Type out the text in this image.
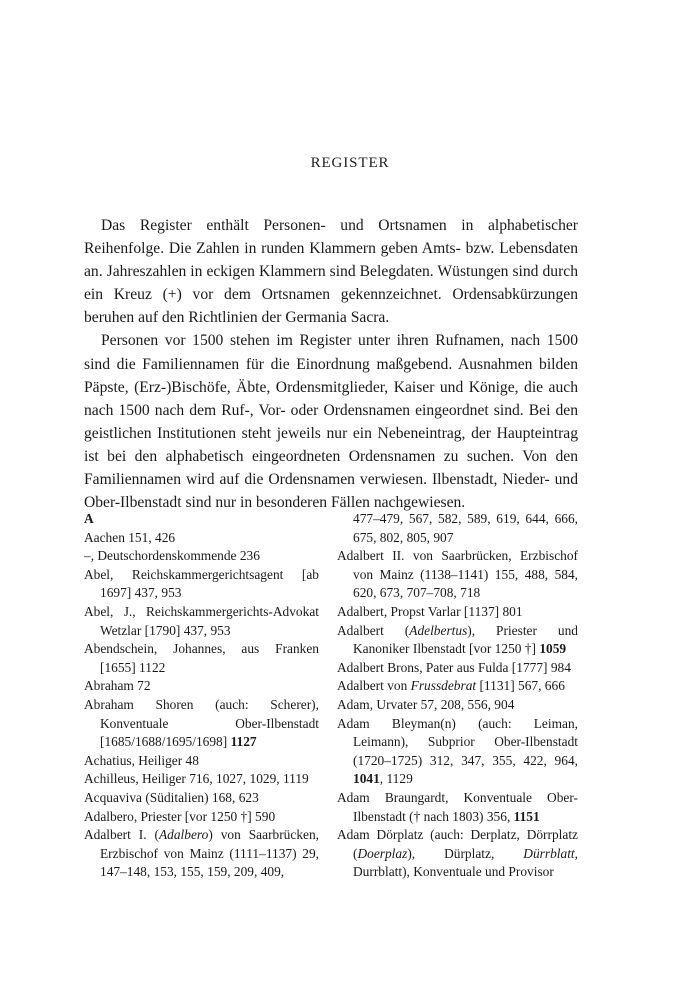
REGISTER

Das Register enthält Personen- und Ortsnamen in alphabetischer Reihenfolge. Die Zahlen in runden Klammern geben Amts- bzw. Lebensdaten an. Jahreszahlen in eckigen Klammern sind Belegdaten. Wüstungen sind durch ein Kreuz (+) vor dem Ortsnamen gekennzeichnet. Ordensabkürzungen beruhen auf den Richtlinien der Germania Sacra.

Personen vor 1500 stehen im Register unter ihren Rufnamen, nach 1500 sind die Familiennamen für die Einordnung maßgebend. Ausnahmen bilden Päpste, (Erz-)Bischöfe, Äbte, Ordensmitglieder, Kaiser und Könige, die auch nach 1500 nach dem Ruf-, Vor- oder Ordensnamen eingeordnet sind. Bei den geistlichen Institutionen steht jeweils nur ein Nebeneintrag, der Haupteintrag ist bei den alphabetisch eingeordneten Ordensnamen zu suchen. Von den Familiennamen wird auf die Ordensnamen verwiesen. Ilbenstadt, Nieder- und Ober-Ilbenstadt sind nur in besonderen Fällen nachgewiesen.

A

Aachen 151, 426

–, Deutschordenskommende 236

Abel, Reichskammergerichtsagent [ab 1697] 437, 953

Abel, J., Reichskammergerichts-Advokat Wetzlar [1790] 437, 953

Abendschein, Johannes, aus Franken [1655] 1122

Abraham 72

Abraham Shoren (auch: Scherer), Konventuale Ober-Ilbenstadt [1685/1688/1695/1698] 1127

Achatius, Heiliger 48

Achilleus, Heiliger 716, 1027, 1029, 1119

Acquaviva (Süditalien) 168, 623

Adalbero, Priester [vor 1250 †] 590

Adalbert I. (Adalbero) von Saarbrücken, Erzbischof von Mainz (1111–1137) 29, 147–148, 153, 155, 159, 209, 409,

477–479, 567, 582, 589, 619, 644, 666, 675, 802, 805, 907

Adalbert II. von Saarbrücken, Erzbischof von Mainz (1138–1141) 155, 488, 584, 620, 673, 707–708, 718

Adalbert, Propst Varlar [1137] 801

Adalbert (Adelbertus), Priester und Kanoniker Ilbenstadt [vor 1250 †] 1059

Adalbert Brons, Pater aus Fulda [1777] 984

Adalbert von Frussdebrat [1131] 567, 666

Adam, Urvater 57, 208, 556, 904

Adam Bleyman(n) (auch: Leiman, Leimann), Subprior Ober-Ilbenstadt (1720–1725) 312, 347, 355, 422, 964, 1041, 1129

Adam Braungardt, Konventuale Ober-Ilbenstadt († nach 1803) 356, 1151

Adam Dörplatz (auch: Derplatz, Dörrplatz (Doerplaz), Dürplatz, Dürrblatt, Durrblatt), Konventuale und Provisor
